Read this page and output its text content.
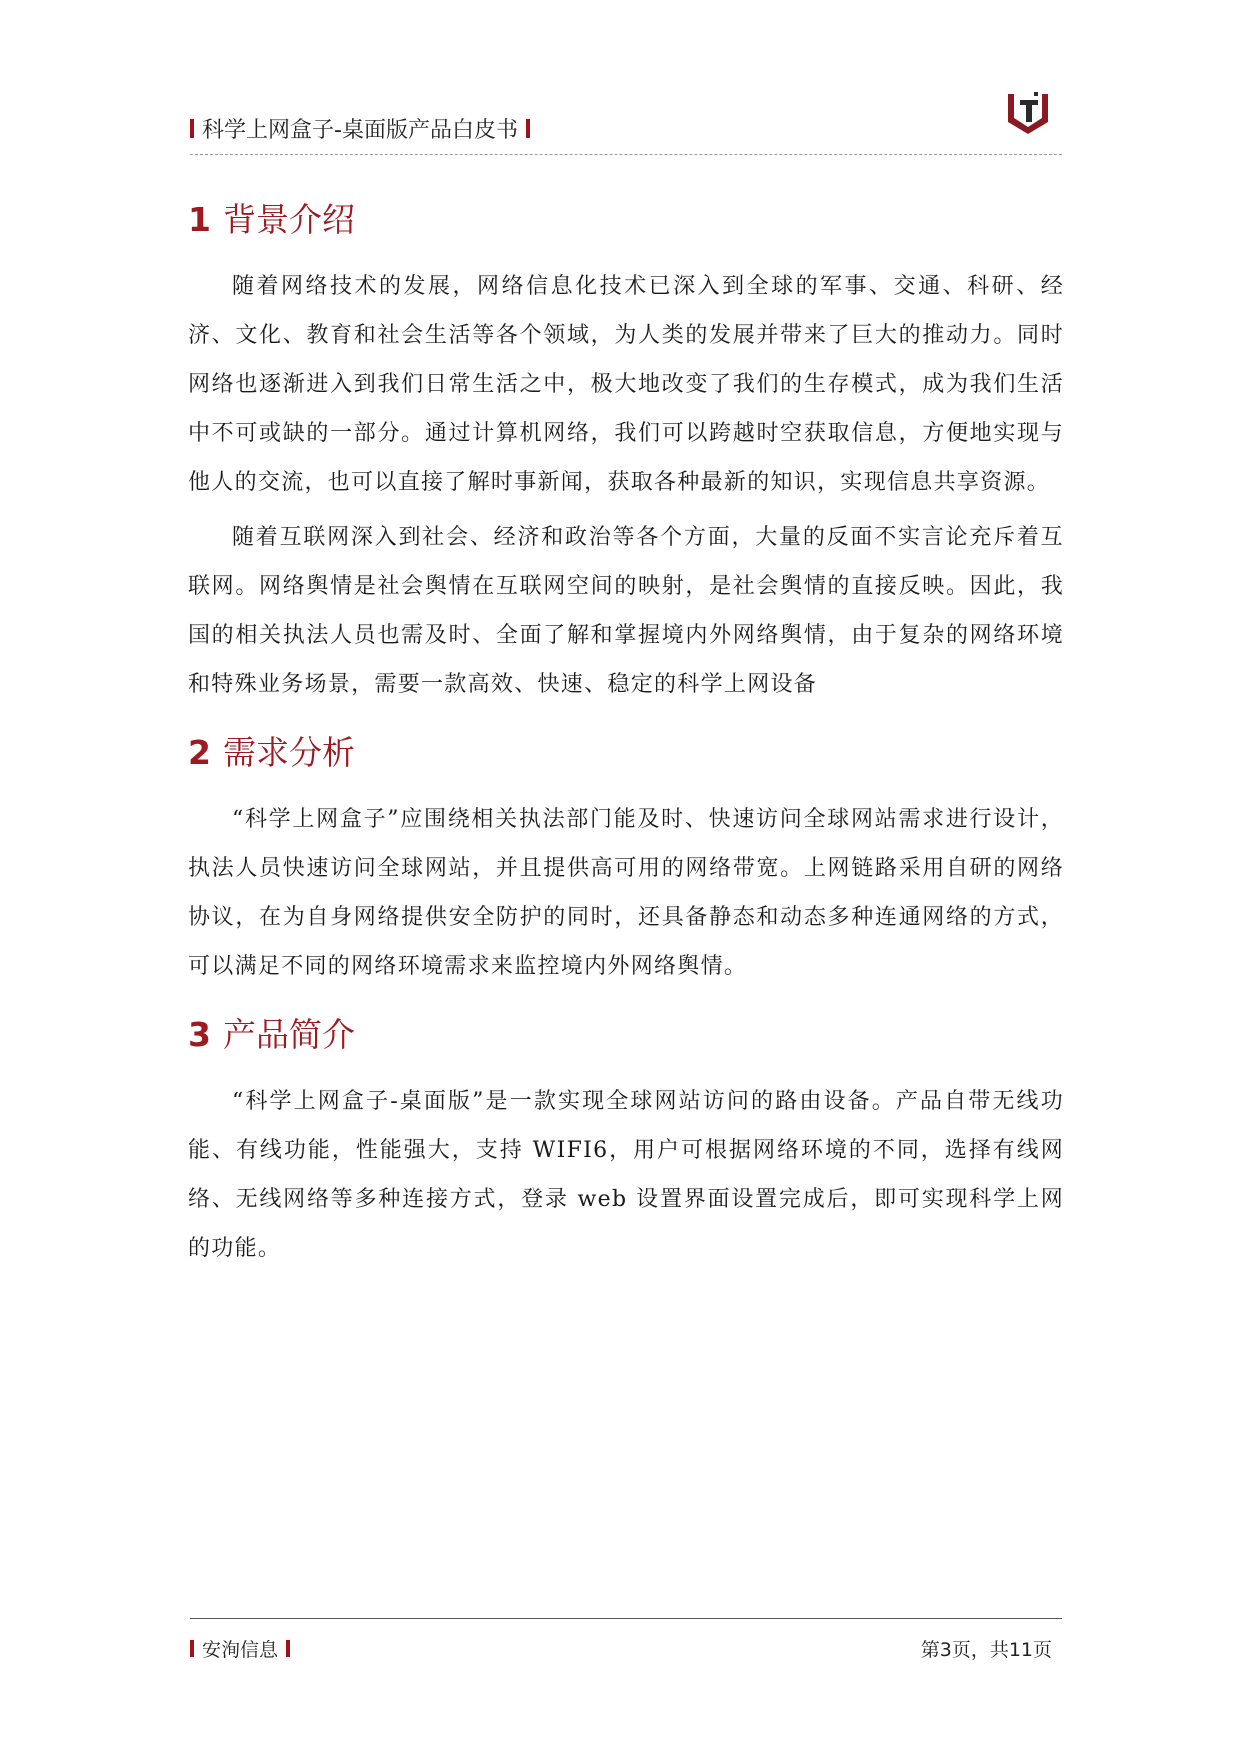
科学上网盒子-桌面版产品白皮书
1 背景介绍

随着网络技术的发展，网络信息化技术已深入到全球的军事、交通、科研、经济、文化、教育和社会生活等各个领域，为人类的发展并带来了巨大的推动力。同时网络也逐渐进入到我们日常生活之中，极大地改变了我们的生存模式，成为我们生活中不可或缺的一部分。通过计算机网络，我们可以跨越时空获取信息，方便地实现与他人的交流，也可以直接了解时事新闻，获取各种最新的知识，实现信息共享资源。

随着互联网深入到社会、经济和政治等各个方面，大量的反面不实言论充斥着互联网。网络舆情是社会舆情在互联网空间的映射，是社会舆情的直接反映。因此，我国的相关执法人员也需及时、全面了解和掌握境内外网络舆情，由于复杂的网络环境和特殊业务场景，需要一款高效、快速、稳定的科学上网设备

2 需求分析

“科学上网盒子”应围绕相关执法部门能及时、快速访问全球网站需求进行设计，执法人员快速访问全球网站，并且提供高可用的网络带宽。上网链路采用自研的网络协议，在为自身网络提供安全防护的同时，还具备静态和动态多种连通网络的方式，可以满足不同的网络环境需求来监控境内外网络舆情。

3 产品简介

“科学上网盒子-桌面版”是一款实现全球网站访问的路由设备。产品自带无线功能、有线功能，性能强大，支持 WIFI6，用户可根据网络环境的不同，选择有线网络、无线网络等多种连接方式，登录 web 设置界面设置完成后，即可实现科学上网的功能。

安洵信息	第3页，共11页
